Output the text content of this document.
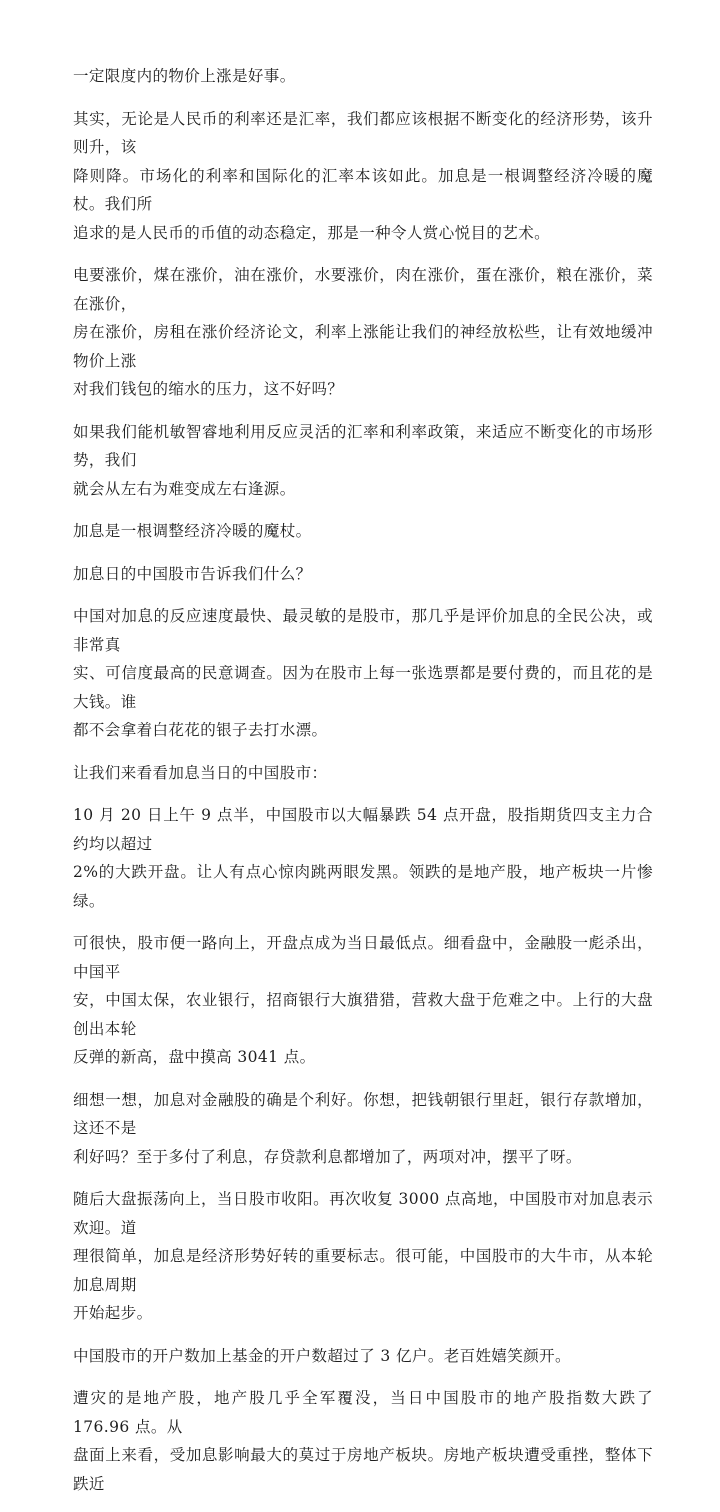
一定限度内的物价上涨是好事。

其实，无论是人民币的利率还是汇率，我们都应该根据不断变化的经济形势，该升则升，该
降则降。市场化的利率和国际化的汇率本该如此。加息是一根调整经济冷暖的魔杖。我们所
追求的是人民币的币值的动态稳定，那是一种令人赏心悦目的艺术。

电要涨价，煤在涨价，油在涨价，水要涨价，肉在涨价，蛋在涨价，粮在涨价，菜在涨价，
房在涨价，房租在涨价经济论文，利率上涨能让我们的神经放松些，让有效地缓冲物价上涨
对我们钱包的缩水的压力，这不好吗？

如果我们能机敏智睿地利用反应灵活的汇率和利率政策，来适应不断变化的市场形势，我们
就会从左右为难变成左右逢源。

加息是一根调整经济冷暖的魔杖。

加息日的中国股市告诉我们什么？

中国对加息的反应速度最快、最灵敏的是股市，那几乎是评价加息的全民公决，或非常真
实、可信度最高的民意调查。因为在股市上每一张选票都是要付费的，而且花的是大钱。谁
都不会拿着白花花的银子去打水漂。

让我们来看看加息当日的中国股市：

10 月 20 日上午 9 点半，中国股市以大幅暴跌 54 点开盘，股指期货四支主力合约均以超过
2%的大跌开盘。让人有点心惊肉跳两眼发黑。领跌的是地产股，地产板块一片惨绿。

可很快，股市便一路向上，开盘点成为当日最低点。细看盘中，金融股一彪杀出，中国平
安，中国太保，农业银行，招商银行大旗猎猎，营救大盘于危难之中。上行的大盘创出本轮
反弹的新高，盘中摸高 3041 点。

细想一想，加息对金融股的确是个利好。你想，把钱朝银行里赶，银行存款增加，这还不是
利好吗？至于多付了利息，存贷款利息都增加了，两项对冲，摆平了呀。

随后大盘振荡向上，当日股市收阳。再次收复 3000 点高地，中国股市对加息表示欢迎。道
理很简单，加息是经济形势好转的重要标志。很可能，中国股市的大牛市，从本轮加息周期
开始起步。

中国股市的开户数加上基金的开户数超过了 3 亿户。老百姓嬉笑颜开。

遭灾的是地产股，地产股几乎全军覆没，当日中国股市的地产股指数大跌了 176.96 点。从
盘面上来看，受加息影响最大的莫过于房地产板块。房地产板块遭受重挫，整体下跌近
